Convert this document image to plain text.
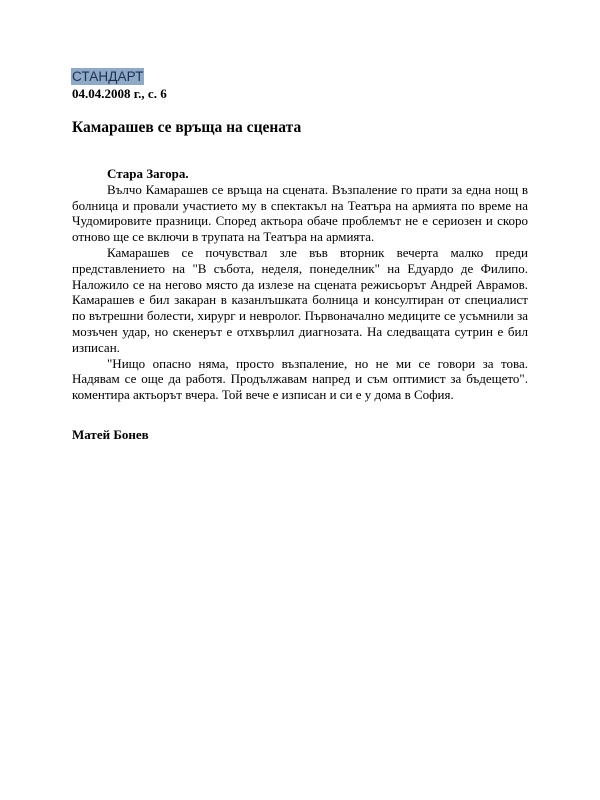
СТАНДАРТ
04.04.2008 г., с. 6
Камарашев се връща на сцената

Стара Загора.

Вълчо Камарашев се връща на сцената. Възпаление го прати за една нощ в болница и провали участието му в спектакъл на Театъра на армията по време на Чудомировите празници. Според актьора обаче проблемът не е сериозен и скоро отново ще се включи в трупата на Театъра на армията.

Камарашев се почувствал зле във вторник вечерта малко преди представлението на "В събота, неделя, понеделник" на Едуардо де Филипо. Наложило се на негово място да излезе на сцената режисьорът Андрей Аврамов. Камарашев е бил закаран в казанлъшката болница и консултиран от специалист по вътрешни болести, хирург и невролог. Първоначално медиците се усъмнили за мозъчен удар, но скенерът е отхвърлил диагнозата. На следващата сутрин е бил изписан.

"Нищо опасно няма, просто възпаление, но не ми се говори за това. Надявам се още да работя. Продължавам напред и съм оптимист за бъдещето". коментира актьорът вчера. Той вече е изписан и си е у дома в София.

Матей Бонев
